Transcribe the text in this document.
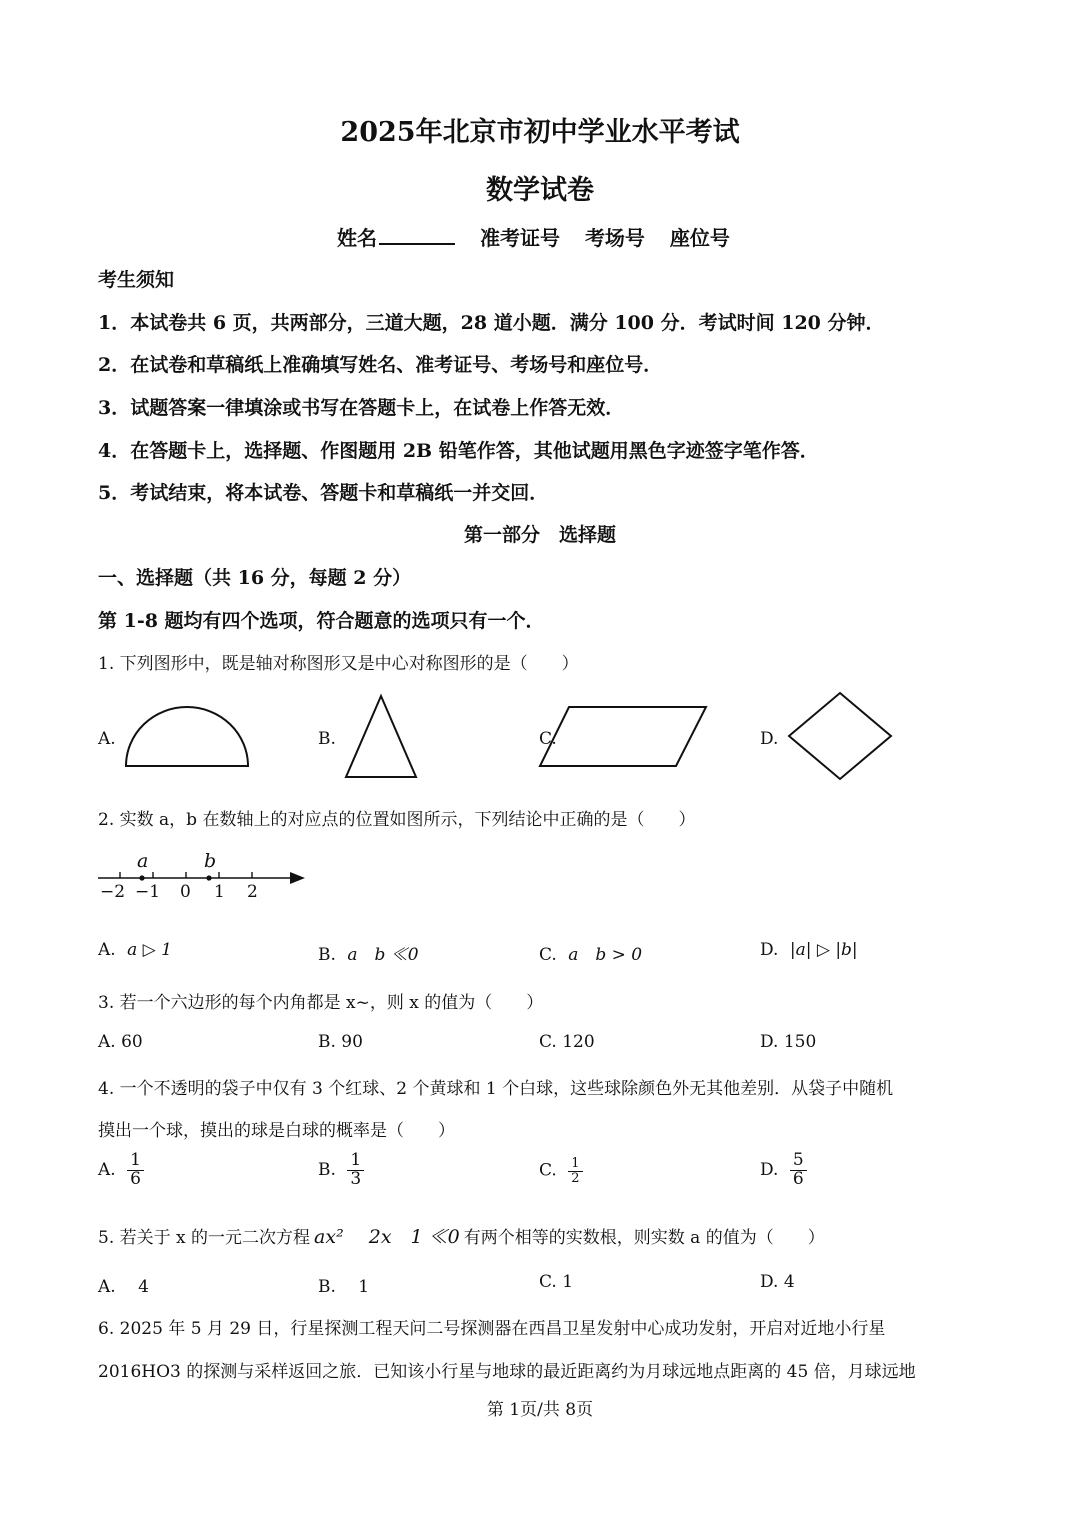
2025年北京市初中学业水平考试
数学试卷
姓名	准考证号 考场号 座位号
考生须知
1．本试卷共 6 页，共两部分，三道大题，28 道小题．满分 100 分．考试时间 120 分钟．
2．在试卷和草稿纸上准确填写姓名、准考证号、考场号和座位号．
3．试题答案一律填涂或书写在答题卡上，在试卷上作答无效．
4．在答题卡上，选择题、作图题用 2B 铅笔作答，其他试题用黑色字迹签字笔作答．
5．考试结束，将本试卷、答题卡和草稿纸一并交回．
第一部分　选择题
一、选择题（共 16 分，每题 2 分）
第 1-8 题均有四个选项，符合题意的选项只有一个．
1. 下列图形中，既是轴对称图形又是中心对称图形的是（　　）
A.	B.	C.	D.
2. 实数 a，b 在数轴上的对应点的位置如图所示，下列结论中正确的是（　　）
a	b
−2 −1 0 1 2
A. a ▷ 1	B. a　b ≪0	C. a　b > 0	D. |a| ▷ |b|
3. 若一个六边形的每个内角都是 x~，则 x 的值为（　　）
A. 60	B. 90	C. 120	D. 150
4. 一个不透明的袋子中仅有 3 个红球、2 个黄球和 1 个白球，这些球除颜色外无其他差别．从袋子中随机
摸出一个球，摸出的球是白球的概率是（　　）
A. $\frac{1}{6}$	B. $\frac{1}{3}$	C. $\frac{1}{2}$	D. $\frac{5}{6}$
5. 若关于 x 的一元二次方程 ax² 　2x　1 ≪0 有两个相等的实数根，则实数 a 的值为（　　）
A.　 4	B.　 1	C. 1	D. 4
6. 2025 年 5 月 29 日，行星探测工程天问二号探测器在西昌卫星发射中心成功发射，开启对近地小行星
2016HO3 的探测与采样返回之旅．已知该小行星与地球的最近距离约为月球远地点距离的 45 倍，月球远地
第 1页/共 8页
